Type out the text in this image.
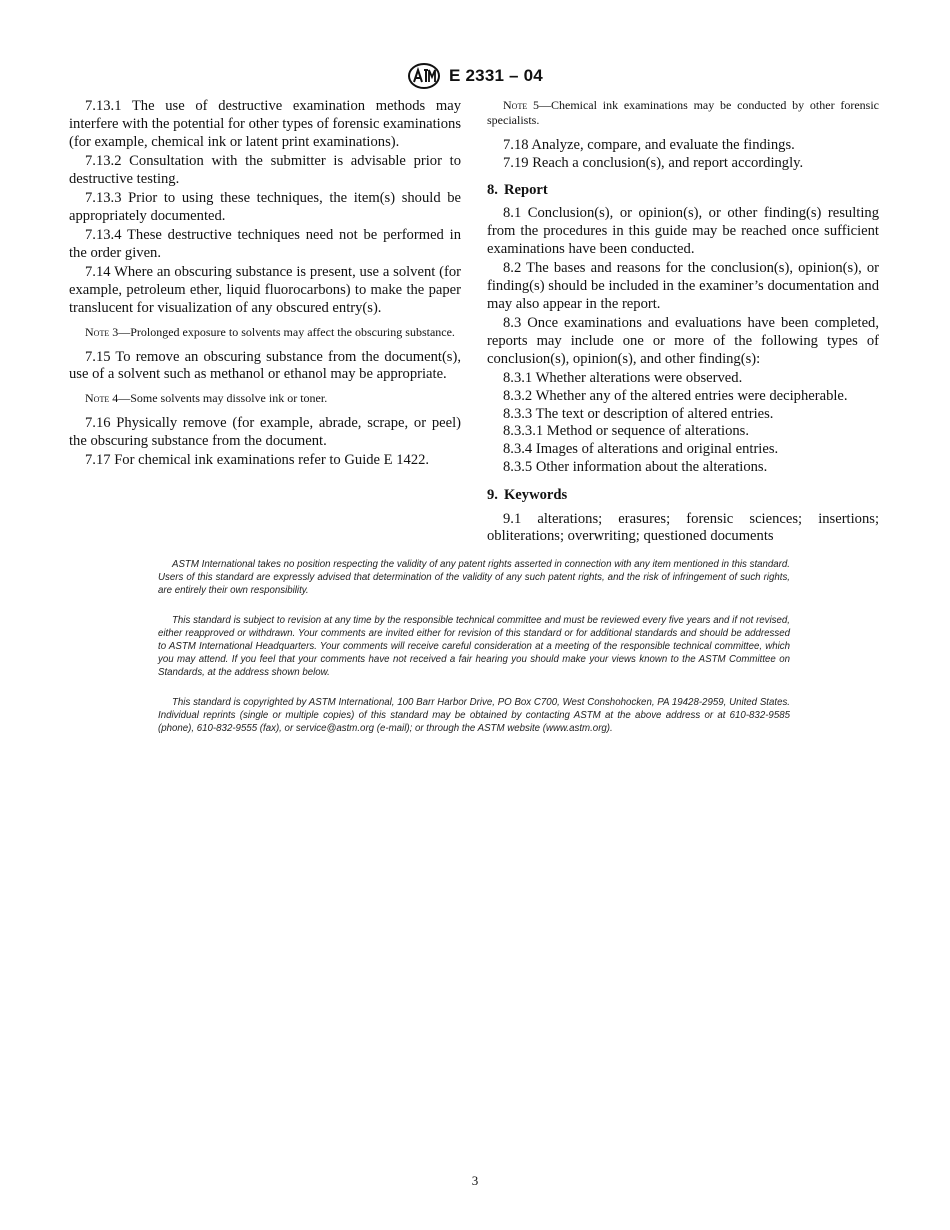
E 2331 – 04

7.13.1 The use of destructive examination methods may interfere with the potential for other types of forensic examinations (for example, chemical ink or latent print examinations).

7.13.2 Consultation with the submitter is advisable prior to destructive testing.

7.13.3 Prior to using these techniques, the item(s) should be appropriately documented.

7.13.4 These destructive techniques need not be performed in the order given.

7.14 Where an obscuring substance is present, use a solvent (for example, petroleum ether, liquid fluorocarbons) to make the paper translucent for visualization of any obscured entry(s).

Note 3—Prolonged exposure to solvents may affect the obscuring substance.

7.15 To remove an obscuring substance from the document(s), use of a solvent such as methanol or ethanol may be appropriate.

Note 4—Some solvents may dissolve ink or toner.

7.16 Physically remove (for example, abrade, scrape, or peel) the obscuring substance from the document.

7.17 For chemical ink examinations refer to Guide E 1422.

Note 5—Chemical ink examinations may be conducted by other forensic specialists.

7.18 Analyze, compare, and evaluate the findings.

7.19 Reach a conclusion(s), and report accordingly.

8. Report

8.1 Conclusion(s), or opinion(s), or other finding(s) resulting from the procedures in this guide may be reached once sufficient examinations have been conducted.

8.2 The bases and reasons for the conclusion(s), opinion(s), or finding(s) should be included in the examiner’s documentation and may also appear in the report.

8.3 Once examinations and evaluations have been completed, reports may include one or more of the following types of conclusion(s), opinion(s), and other finding(s):

8.3.1 Whether alterations were observed.

8.3.2 Whether any of the altered entries were decipherable.

8.3.3 The text or description of altered entries.

8.3.3.1 Method or sequence of alterations.

8.3.4 Images of alterations and original entries.

8.3.5 Other information about the alterations.

9. Keywords

9.1 alterations; erasures; forensic sciences; insertions; obliterations; overwriting; questioned documents

ASTM International takes no position respecting the validity of any patent rights asserted in connection with any item mentioned in this standard. Users of this standard are expressly advised that determination of the validity of any such patent rights, and the risk of infringement of such rights, are entirely their own responsibility.

This standard is subject to revision at any time by the responsible technical committee and must be reviewed every five years and if not revised, either reapproved or withdrawn. Your comments are invited either for revision of this standard or for additional standards and should be addressed to ASTM International Headquarters. Your comments will receive careful consideration at a meeting of the responsible technical committee, which you may attend. If you feel that your comments have not received a fair hearing you should make your views known to the ASTM Committee on Standards, at the address shown below.

This standard is copyrighted by ASTM International, 100 Barr Harbor Drive, PO Box C700, West Conshohocken, PA 19428-2959, United States. Individual reprints (single or multiple copies) of this standard may be obtained by contacting ASTM at the above address or at 610-832-9585 (phone), 610-832-9555 (fax), or service@astm.org (e-mail); or through the ASTM website (www.astm.org).

3
